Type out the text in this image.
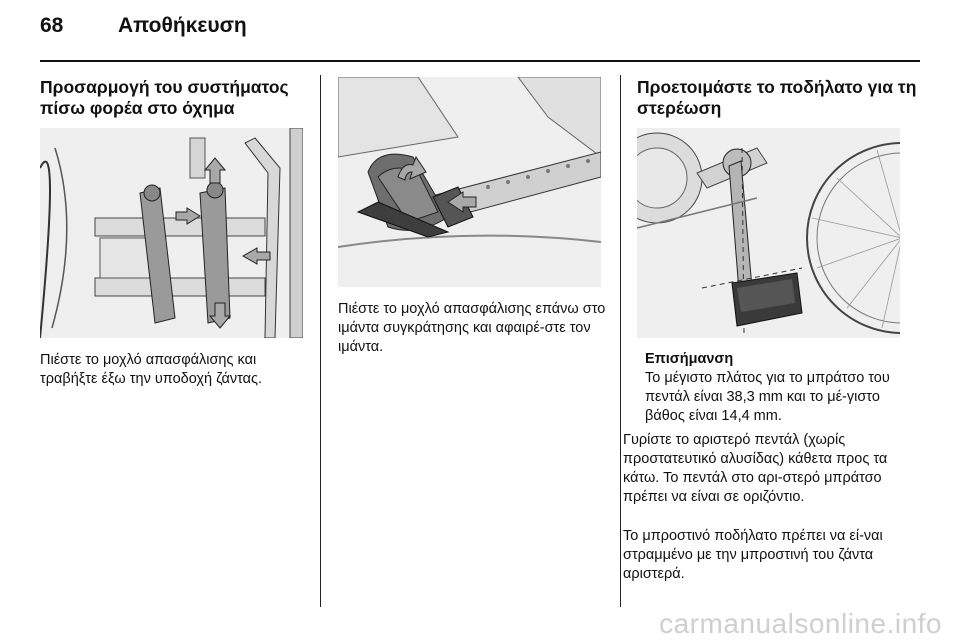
68	Αποθήκευση
Προσαρμογή του συστήματος πίσω φορέα στο όχημα

Πιέστε το μοχλό απασφάλισης και τραβήξτε έξω την υποδοχή ζάντας.

Πιέστε το μοχλό απασφάλισης επάνω στο ιμάντα συγκράτησης και αφαιρέ-στε τον ιμάντα.

Προετοιμάστε το ποδήλατο για τη στερέωση
Επισήμανση
Το μέγιστο πλάτος για το μπράτσο του πεντάλ είναι 38,3 mm και το μέ-γιστο βάθος είναι 14,4 mm.

Γυρίστε το αριστερό πεντάλ (χωρίς προστατευτικό αλυσίδας) κάθετα προς τα κάτω. Το πεντάλ στο αρι-στερό μπράτσο πρέπει να είναι σε οριζόντιο.

Το μπροστινό ποδήλατο πρέπει να εί-ναι στραμμένο με την μπροστινή του ζάντα αριστερά.

carmanualsonline.info
